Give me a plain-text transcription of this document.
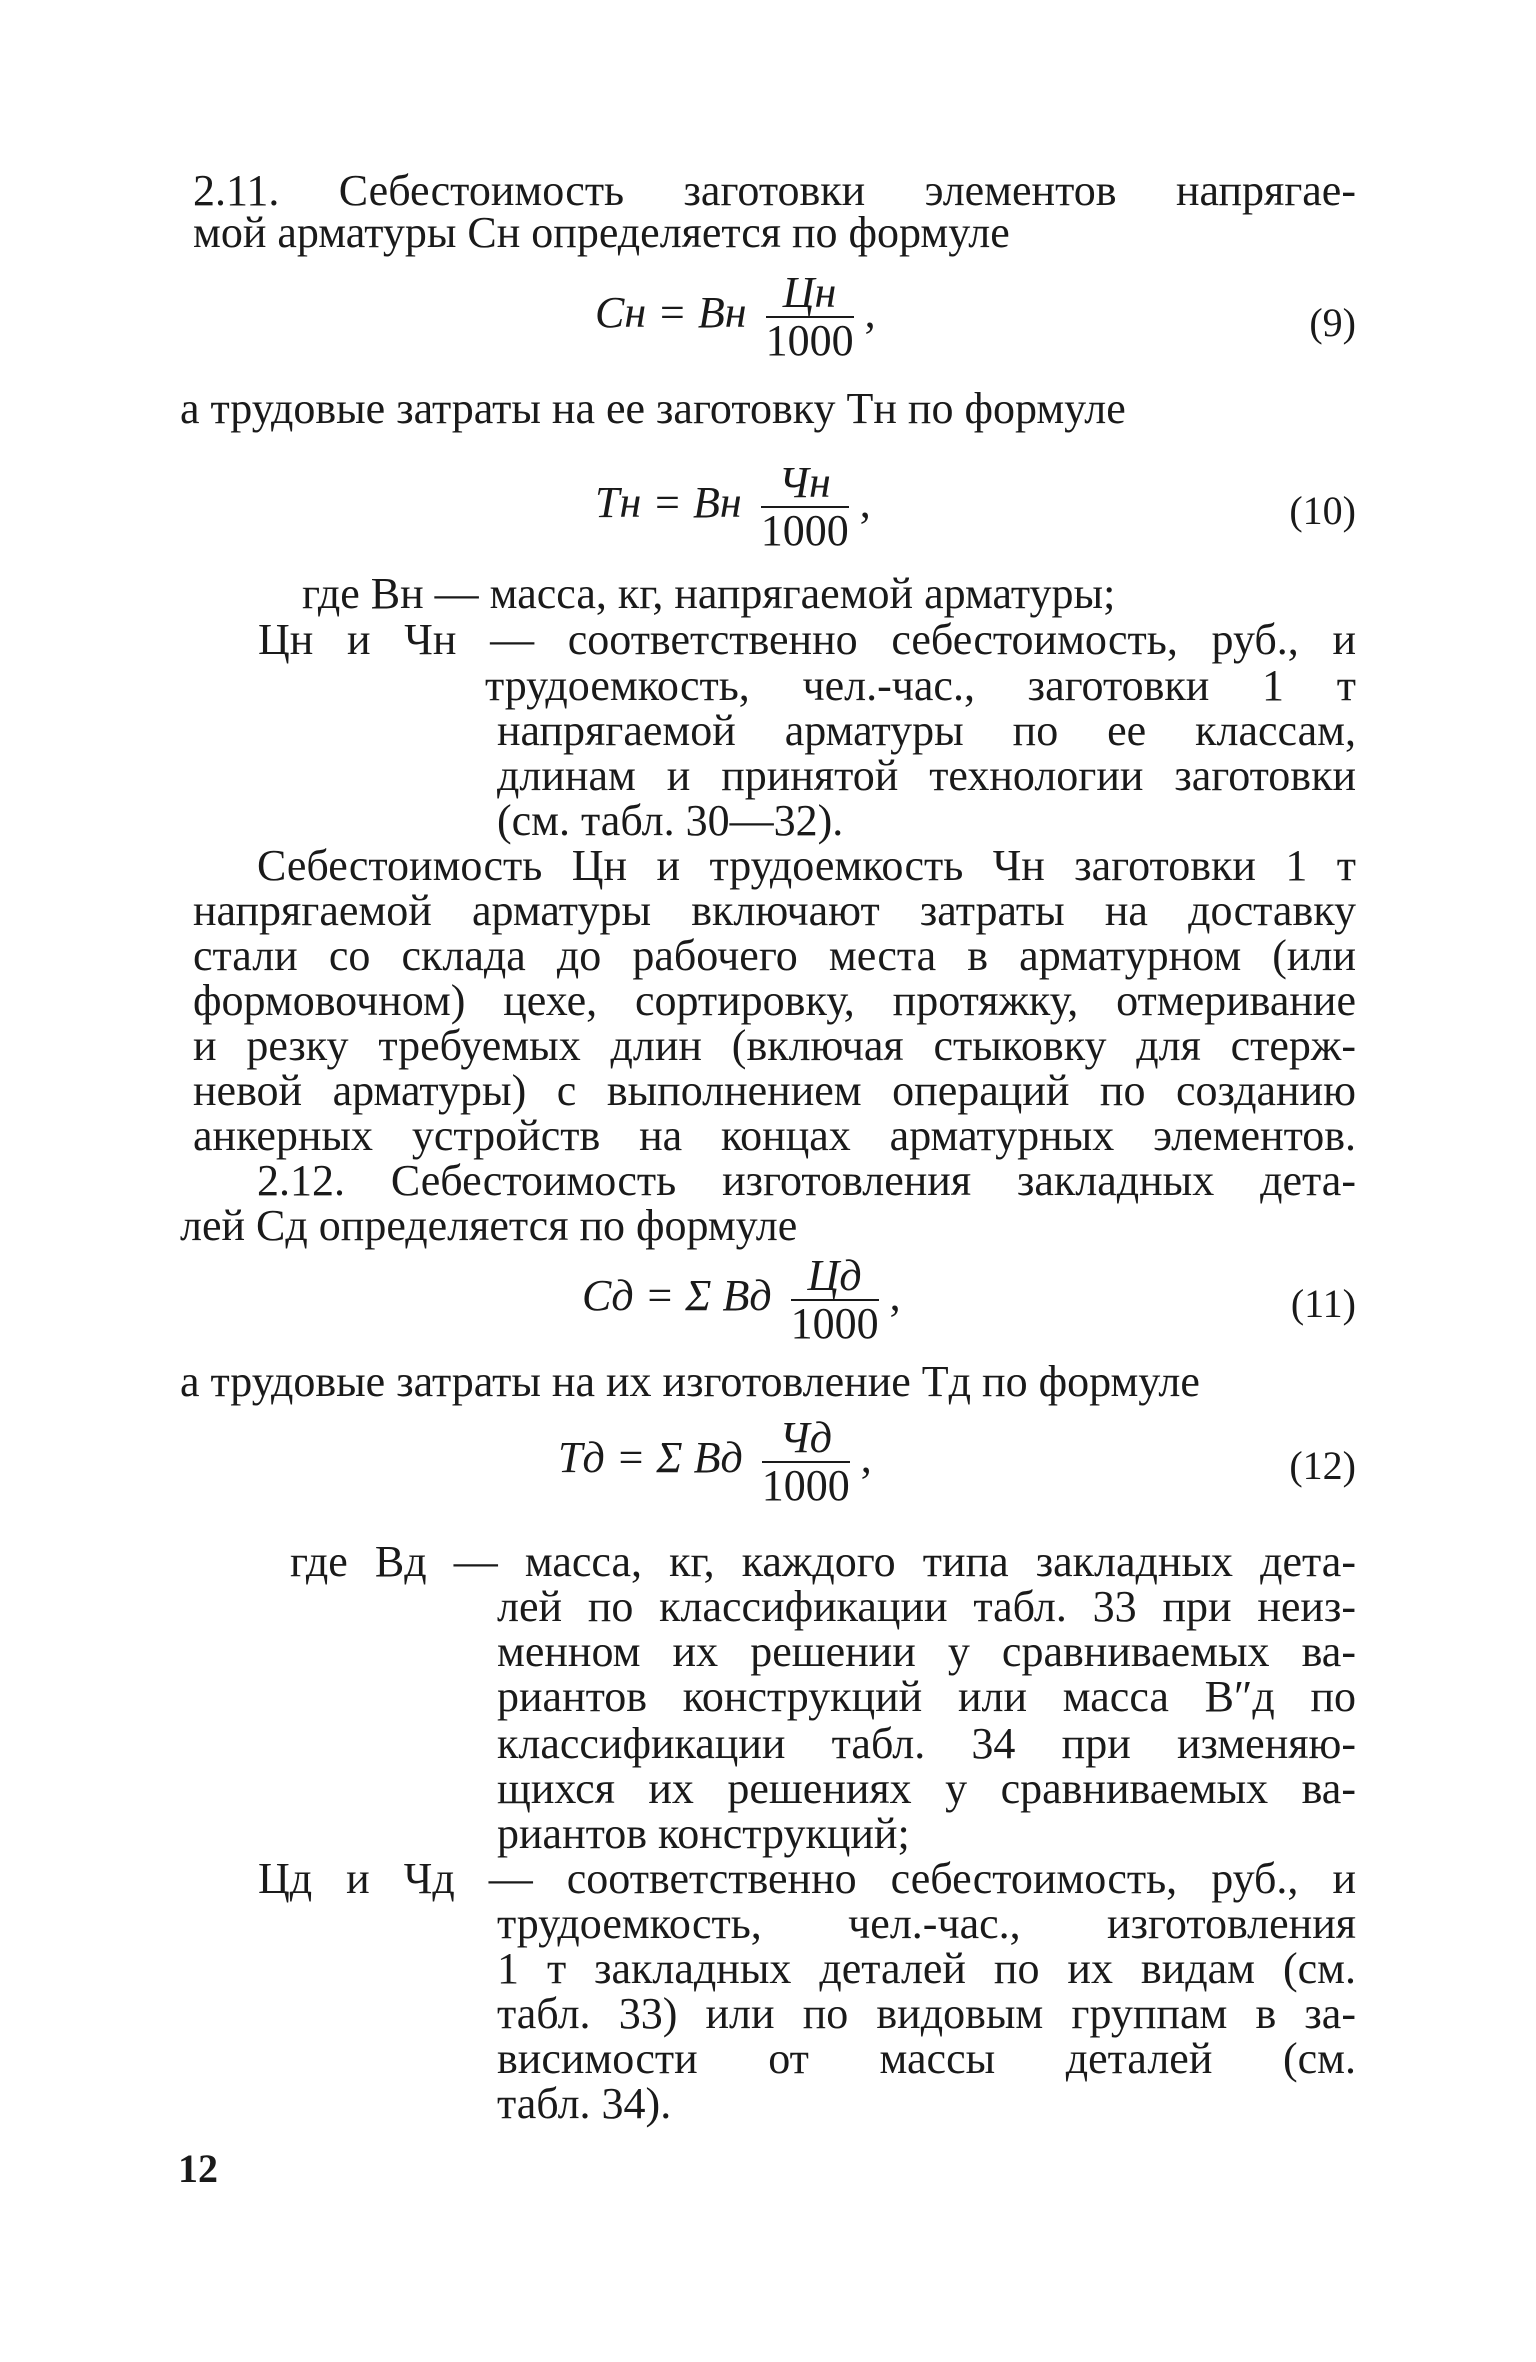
2.11. Себестоимость заготовки элементов напрягае-
мой арматуры Cн определяется по формуле
Cн = Bн $\frac{Цн}{1000}$ ,	(9)
а трудовые затраты на ее заготовку Tн по формуле
Tн = Bн $\frac{Чн}{1000}$ ,	(10)
где Bн — масса, кг, напрягаемой арматуры;
Цн и Чн — соответственно себестоимость, руб., и
трудоемкость, чел.-час., заготовки 1 т
напрягаемой арматуры по ее классам,
длинам и принятой технологии заготовки
(см. табл. 30—32).
Себестоимость Цн и трудоемкость Чн заготовки 1 т
напрягаемой арматуры включают затраты на доставку
стали со склада до рабочего места в арматурном (или
формовочном) цехе, сортировку, протяжку, отмеривание
и резку требуемых длин (включая стыковку для стерж-
невой арматуры) с выполнением операций по созданию
анкерных устройств на концах арматурных элементов.
2.12. Себестоимость изготовления закладных дета-
лей Cд определяется по формуле
Cд = Σ Bд $\frac{Цд}{1000}$ ,	(11)
а трудовые затраты на их изготовление Tд по формуле
Tд = Σ Bд $\frac{Чд}{1000}$ ,	(12)
где Bд — масса, кг, каждого типа закладных дета-
лей по классификации табл. 33 при неиз-
менном их решении у сравниваемых ва-
риантов конструкций или масса B″д по
классификации табл. 34 при изменяю-
щихся их решениях у сравниваемых ва-
риантов конструкций;
Цд и Чд — соответственно себестоимость, руб., и
трудоемкость, чел.-час., изготовления
1 т закладных деталей по их видам (см.
табл. 33) или по видовым группам в за-
висимости от массы деталей (см.
табл. 34).
12
